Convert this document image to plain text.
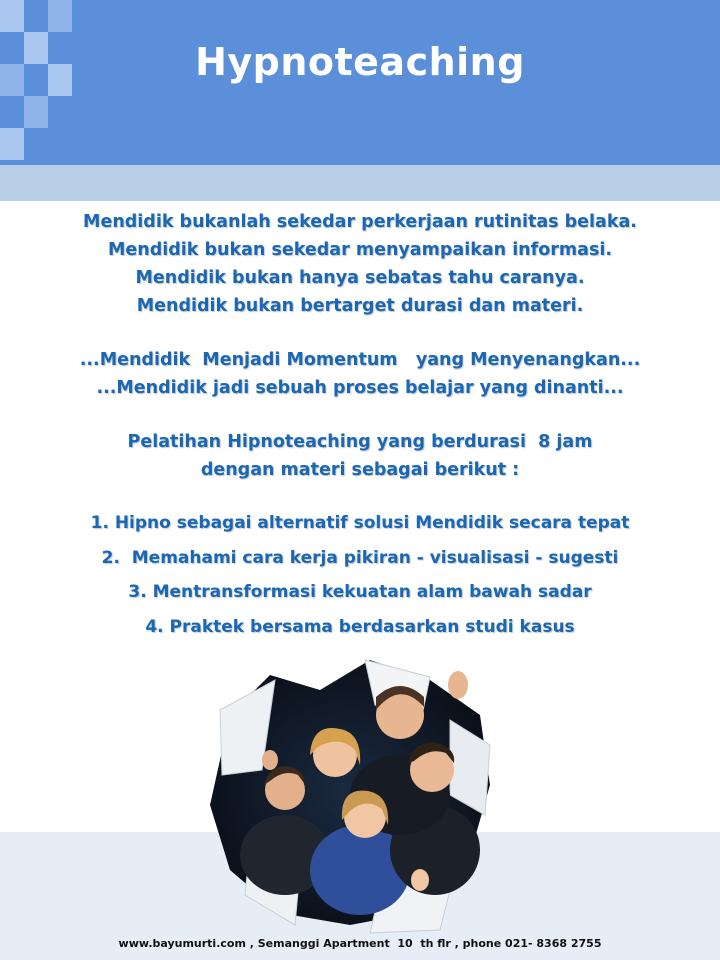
Hypnoteaching
Mendidik bukanlah sekedar perkerjaan rutinitas belaka.
Mendidik bukan sekedar menyampaikan informasi.
Mendidik bukan hanya sebatas tahu caranya.
Mendidik bukan bertarget durasi dan materi.
...Mendidik  Menjadi Momentum   yang Menyenangkan...
...Mendidik jadi sebuah proses belajar yang dinanti...
Pelatihan Hipnoteaching yang berdurasi  8 jam
dengan materi sebagai berikut :
1. Hipno sebagai alternatif solusi Mendidik secara tepat
2.  Memahami cara kerja pikiran - visualisasi - sugesti
3. Mentransformasi kekuatan alam bawah sadar
4. Praktek bersama berdasarkan studi kasus
www.bayumurti.com , Semanggi Apartment  10  th flr , phone 021- 8368 2755
